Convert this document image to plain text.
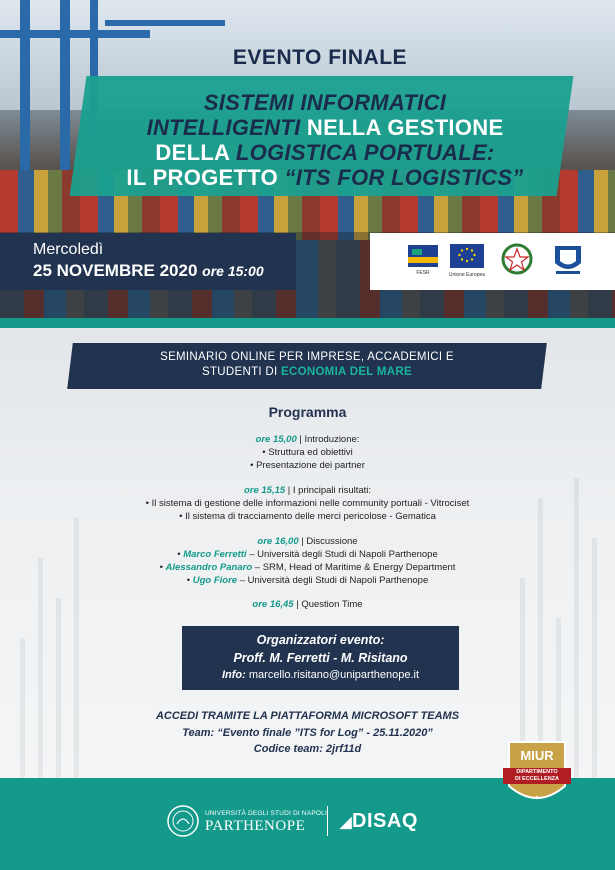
EVENTO FINALE
SISTEMI INFORMATICI
INTELLIGENTI NELLA GESTIONE
DELLA LOGISTICA PORTUALE:
IL PROGETTO “ITS FOR LOGISTICS”
Mercoledì
25 NOVEMBRE 2020 ore 15:00	FESR	Unione Europea
SEMINARIO ONLINE PER IMPRESE, ACCADEMICI E
STUDENTI DI ECONOMIA DEL MARE
Programma
ore 15,00 | Introduzione:
• Struttura ed obiettivi
• Presentazione dei partner
ore 15,15 | I principali risultati:
• Il sistema di gestione delle informazioni nelle community portuali - Vitrociset
• Il sistema di tracciamento delle merci pericolose - Gematica
ore 16,00 | Discussione
• Marco Ferretti – Università degli Studi di Napoli Parthenope
• Alessandro Panaro – SRM, Head of Maritime & Energy Department
• Ugo Fiore – Università degli Studi di Napoli Parthenope
ore 16,45 | Question Time
Organizzatori evento:
Proff. M. Ferretti - M. Risitano
Info: marcello.risitano@uniparthenope.it
ACCEDI TRAMITE LA PIATTAFORMA MICROSOFT TEAMS
Team: “Evento finale ”ITS for Log” - 25.11.2020”
Codice team: 2jrf11d
UNIVERSITÀ DEGLI STUDI DI NAPOLI
PARTHENOPE ◢DISAQ
✦
MIUR
DIPARTIMENTO
DI ECCELLENZA
